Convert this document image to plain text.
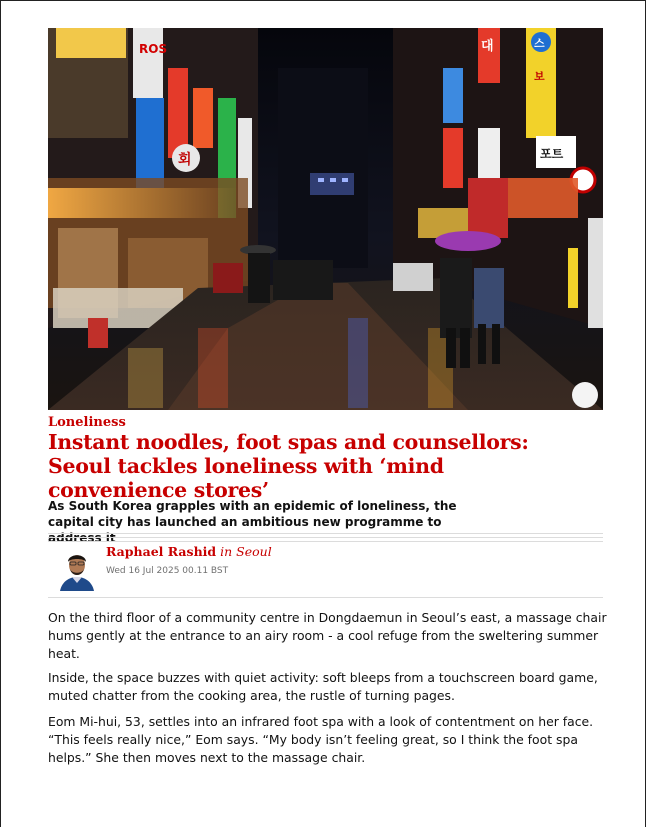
ROS
회
대	스
보
포트
Loneliness
Instant noodles, foot spas and counsellors: Seoul tackles loneliness with ‘mind convenience stores’

As South Korea grapples with an epidemic of loneliness, the capital city has launched an ambitious new programme to address it

Raphael Rashid in Seoul
Wed 16 Jul 2025 00.11 BST

On the third floor of a community centre in Dongdaemun in Seoul’s east, a massage chair hums gently at the entrance to an airy room - a cool refuge from the sweltering summer heat.

Inside, the space buzzes with quiet activity: soft bleeps from a touchscreen board game, muted chatter from the cooking area, the rustle of turning pages.

Eom Mi-hui, 53, settles into an infrared foot spa with a look of contentment on her face. “This feels really nice,” Eom says. “My body isn’t feeling great, so I think the foot spa helps.” She then moves next to the massage chair.
